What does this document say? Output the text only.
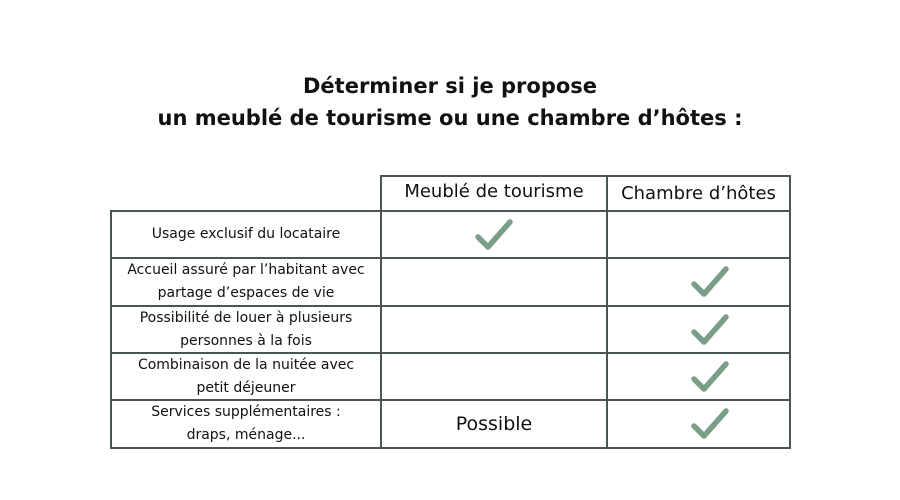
Déterminer si je propose
un meublé de tourisme ou une chambre d’hôtes :
Meublé de tourisme Chambre d’hôtes
Usage exclusif du locataire
Accueil assuré par l’habitant avec
partage d’espaces de vie
Possibilité de louer à plusieurs
personnes à la fois
Combinaison de la nuitée avec
petit déjeuner
Services supplémentaires :
draps, ménage...	Possible
